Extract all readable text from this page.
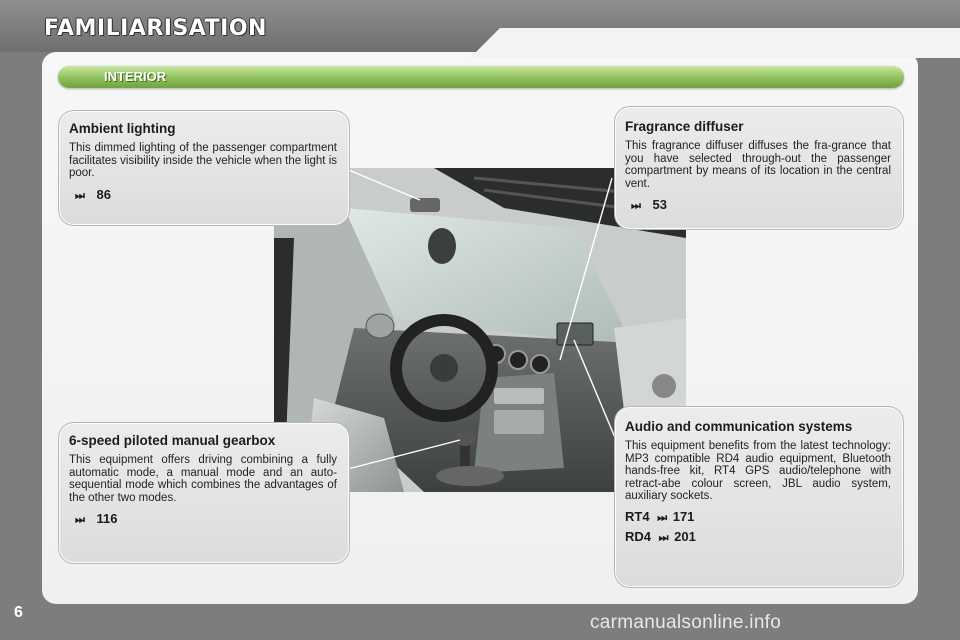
FAMILIARISATION
INTERIOR
Ambient lighting

This dimmed lighting of the passenger compartment facilitates visibility inside the vehicle when the light is poor.

⏭ 86
Fragrance diffuser

This fragrance diffuser diffuses the fra-grance that you have selected through-out the passenger compartment by means of its location in the central vent.

⏭ 53
6-speed piloted manual gearbox

This equipment offers driving combining a fully automatic mode, a manual mode and an auto-sequential mode which combines the advantages of the other two modes.

⏭ 116
Audio and communication systems

This equipment benefits from the latest technology: MP3 compatible RD4 audio equipment, Bluetooth hands-free kit, RT4 GPS audio/telephone with retract-abe colour screen, JBL audio system, auxiliary sockets.

RT4 ⏭ 171
RD4 ⏭ 201
6	carmanualsonline.info
